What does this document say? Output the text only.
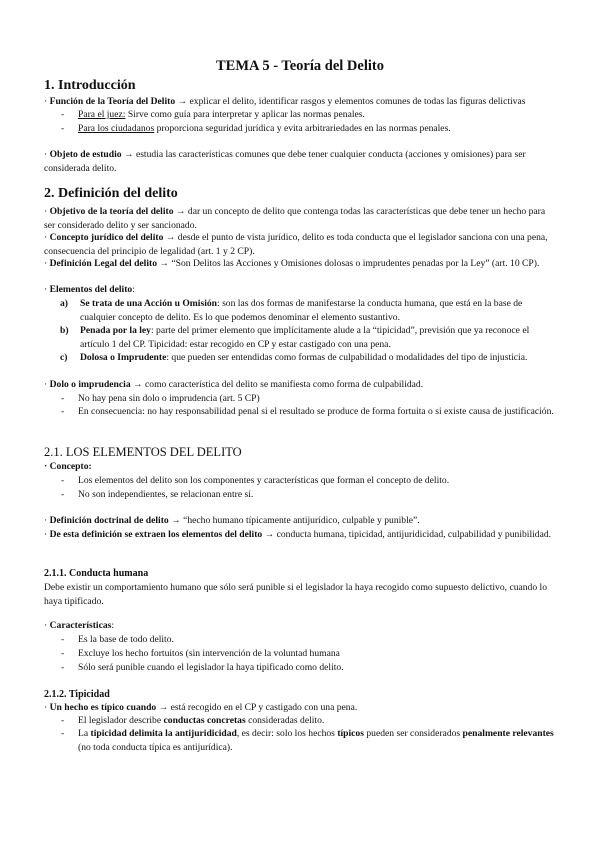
TEMA 5 - Teoría del Delito
1. Introducción
· Función de la Teoría del Delito → explicar el delito, identificar rasgos y elementos comunes de todas las figuras delictivas
- Para el juez: Sirve como guía para interpretar y aplicar las normas penales.
- Para los ciudadanos proporciona seguridad jurídica y evita arbitrariedades en las normas penales.
· Objeto de estudio → estudia las características comunes que debe tener cualquier conducta (acciones y omisiones) para ser considerada delito.
2. Definición del delito
· Objetivo de la teoría del delito → dar un concepto de delito que contenga todas las características que debe tener un hecho para ser considerado delito y ser sancionado.
· Concepto jurídico del delito → desde el punto de vista jurídico, delito es toda conducta que el legislador sanciona con una pena, consecuencia del principio de legalidad (art. 1 y 2 CP).
· Definición Legal del delito → “Son Delitos las Acciones y Omisiones dolosas o imprudentes penadas por la Ley” (art. 10 CP).
· Elementos del delito:
a) Se trata de una Acción u Omisión: son las dos formas de manifestarse la conducta humana, que está en la base de cualquier concepto de delito. Es lo que podemos denominar el elemento sustantivo.
b) Penada por la ley: parte del primer elemento que implícitamente alude a la “tipicidad”, previsión que ya reconoce el artículo 1 del CP. Tipicidad: estar recogido en CP y estar castigado con una pena.
c) Dolosa o Imprudente: que pueden ser entendidas como formas de culpabilidad o modalidades del tipo de injusticia.
· Dolo o imprudencia → como característica del delito se manifiesta como forma de culpabilidad.
- No hay pena sin dolo o imprudencia (art. 5 CP)
- En consecuencia: no hay responsabilidad penal si el resultado se produce de forma fortuita o si existe causa de justificación.
2.1. LOS ELEMENTOS DEL DELITO
· Concepto:
- Los elementos del delito son los componentes y características que forman el concepto de delito.
- No son independientes, se relacionan entre sí.
· Definición doctrinal de delito → “hecho humano típicamente antijurídico, culpable y punible”.
· De esta definición se extraen los elementos del delito → conducta humana, tipicidad, antijuridicidad, culpabilidad y punibilidad.
2.1.1. Conducta humana
Debe existir un comportamiento humano que sólo será punible si el legislador la haya recogido como supuesto delictivo, cuando lo haya tipificado.
· Características:
- Es la base de todo delito.
- Excluye los hecho fortuitos (sin intervención de la voluntad humana
- Sólo será punible cuando el legislador la haya tipificado como delito.
2.1.2. Tipicidad
· Un hecho es típico cuando → está recogido en el CP y castigado con una pena.
- El legislador describe conductas concretas consideradas delito.
- La tipicidad delimita la antijuridicidad, es decir: solo los hechos típicos pueden ser considerados penalmente relevantes (no toda conducta típica es antijurídica).
